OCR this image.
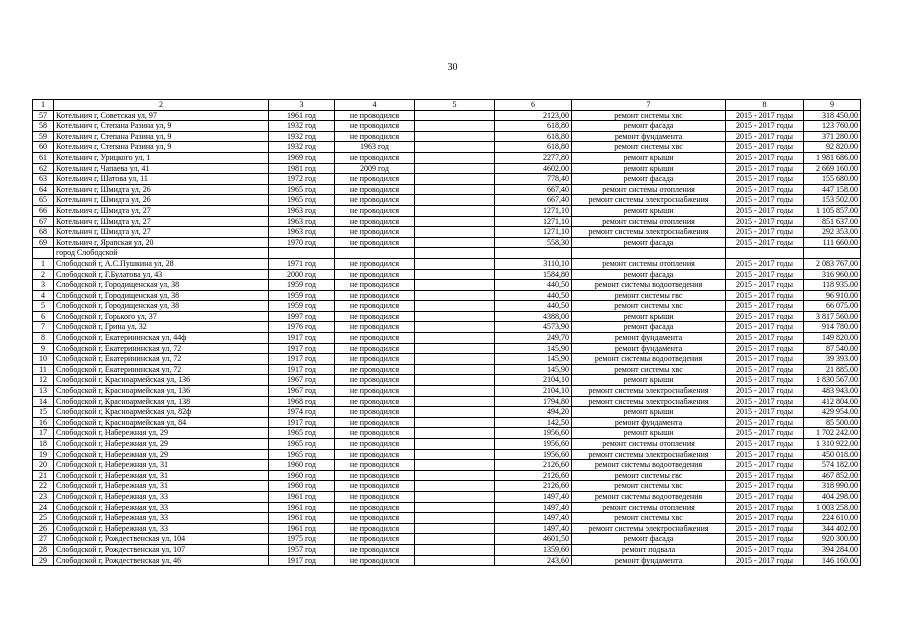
30
1	2	3	4	5	6	7	8	9
57	Котельнич г, Советская ул, 97	1961 год	не проводился		2123,00	ремонт системы хвс	2015 - 2017 годы	318 450.00
58	Котельнич г, Степана Разина ул, 9	1932 год	не проводился		618,80	ремонт фасада	2015 - 2017 годы	123 760.00
59	Котельнич г, Степана Разина ул, 9	1932 год	не проводился		618,80	ремонт фундамента	2015 - 2017 годы	371 280.00
60	Котельнич г, Степана Разина ул, 9	1932 год	1963 год		618,80	ремонт системы хвс	2015 - 2017 годы	92 820.00
61	Котельнич г, Урицкого ул, 1	1969 год	не проводился		2277,80	ремонт крыши	2015 - 2017 годы	1 981 686.00
62	Котельнич г, Чапаева ул, 41	1981 год	2009 год		4602,00	ремонт крыши	2015 - 2017 годы	2 669 160.00
63	Котельнич г, Шатова ул, 11	1972 год	не проводился		778,40	ремонт фасада	2015 - 2017 годы	155 680.00
64	Котельнич г, Шмидта ул, 26	1965 год	не проводился		667,40	ремонт системы отопления	2015 - 2017 годы	447 158.00
65	Котельнич г, Шмидта ул, 26	1965 год	не проводился		667,40	ремонт системы электроснабжения	2015 - 2017 годы	153 502.00
66	Котельнич г, Шмидта ул, 27	1963 год	не проводился		1271,10	ремонт крыши	2015 - 2017 годы	1 105 857.00
67	Котельнич г, Шмидта ул, 27	1963 год	не проводился		1271,10	ремонт системы отопления	2015 - 2017 годы	851 637.00
68	Котельнич г, Шмидта ул, 27	1963 год	не проводился		1271,10	ремонт системы электроснабжения	2015 - 2017 годы	292 353.00
69	Котельнич г, Ярanская ул, 20	1970 год	не проводился		558,30	ремонт фасада	2015 - 2017 годы	111 660.00
	город Слободской							
1	Слободской г, А.С.Пушкина ул, 28	1971 год	не проводился		3110,10	ремонт системы отопления	2015 - 2017 годы	2 083 767.00
2	Слободской г, Г.Булатова ул, 43	2000 год	не проводился		1584,80	ремонт фасада	2015 - 2017 годы	316 960.00
3	Слободской г, Городищенская ул, 38	1959 год	не проводился		440,50	ремонт системы водоотведения	2015 - 2017 годы	118 935.00
4	Слободской г, Городищенская ул, 38	1959 год	не проводился		440,50	ремонт системы гвс	2015 - 2017 годы	96 910.00
5	Слободской г, Городищенская ул, 38	1959 год	не проводился		440,50	ремонт системы хвс	2015 - 2017 годы	66 075.00
6	Слободской г, Горького ул, 37	1997 год	не проводился		4388,00	ремонт крыши	2015 - 2017 годы	3 817 560.00
7	Слободской г, Грина ул, 32	1976 год	не проводился		4573,90	ремонт фасада	2015 - 2017 годы	914 780.00
8	Слободской г, Екатерининская ул, 44ф	1917 год	не проводился		249,70	ремонт фундамента	2015 - 2017 годы	149 820.00
9	Слободской г, Екатерининская ул, 72	1917 год	не проводился		145,90	ремонт фундамента	2015 - 2017 годы	87 540.00
10	Слободской г, Екатерининская ул, 72	1917 год	не проводился		145,90	ремонт системы водоотведения	2015 - 2017 годы	39 393.00
11	Слободской г, Екатерининская ул, 72	1917 год	не проводился		145,90	ремонт системы хвс	2015 - 2017 годы	21 885.00
12	Слободской г, Красноармейская ул, 136	1967 год	не проводился		2104,10	ремонт крыши	2015 - 2017 годы	1 830 567.00
13	Слободской г, Красноармейская ул, 136	1967 год	не проводился		2104,10	ремонт системы электроснабжения	2015 - 2017 годы	483 943.00
14	Слободской г, Красноармейская ул, 138	1968 год	не проводился		1794,80	ремонт системы электроснабжения	2015 - 2017 годы	412 804.00
15	Слободской г, Красноармейская ул, 82ф	1974 год	не проводился		494,20	ремонт крыши	2015 - 2017 годы	429 954.00
16	Слободской г, Красноармейская ул, 84	1917 год	не проводился		142,50	ремонт фундамента	2015 - 2017 годы	85 500.00
17	Слободской г, Набережная ул, 29	1965 год	не проводился		1956,60	ремонт крыши	2015 - 2017 годы	1 702 242.00
18	Слободской г, Набережная ул, 29	1965 год	не проводился		1956,60	ремонт системы отопления	2015 - 2017 годы	1 310 922.00
19	Слободской г, Набережная ул, 29	1965 год	не проводился		1956,60	ремонт системы электроснабжения	2015 - 2017 годы	450 018.00
20	Слободской г, Набережная ул, 31	1960 год	не проводился		2126,60	ремонт системы водоотведения	2015 - 2017 годы	574 182.00
21	Слободской г, Набережная ул, 31	1960 год	не проводился		2126,60	ремонт системы гвс	2015 - 2017 годы	467 852.00
22	Слободской г, Набережная ул, 31	1960 год	не проводился		2126,60	ремонт системы хвс	2015 - 2017 годы	318 990.00
23	Слободской г, Набережная ул, 33	1961 год	не проводился		1497,40	ремонт системы водоотведения	2015 - 2017 годы	404 298.00
24	Слободской г, Набережная ул, 33	1961 год	не проводился		1497,40	ремонт системы отопления	2015 - 2017 годы	1 003 258.00
25	Слободской г, Набережная ул, 33	1961 год	не проводился		1497,40	ремонт системы хвс	2015 - 2017 годы	224 610.00
26	Слободской г, Набережная ул, 33	1961 год	не проводился		1497,40	ремонт системы электроснабжения	2015 - 2017 годы	344 402.00
27	Слободской г, Рождественская ул, 104	1975 год	не проводился		4601,50	ремонт фасада	2015 - 2017 годы	920 300.00
28	Слободской г, Рождественская ул, 107	1957 год	не проводился		1359,60	ремонт подвала	2015 - 2017 годы	394 284.00
29	Слободской г, Рождественская ул, 46	1917 год	не проводился		243,60	ремонт фундамента	2015 - 2017 годы	146 160.00
